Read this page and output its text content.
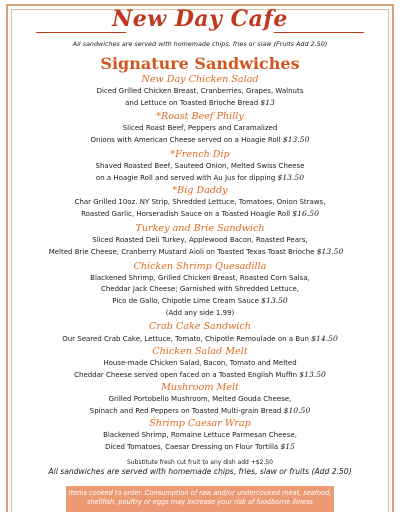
New Day Cafe
All sandwiches are served with homemade chips, fries or slaw (Fruits Add 2.50)
Signature Sandwiches
New Day Chicken Salad
Diced Grilled Chicken Breast, Cranberries, Grapes, Walnuts
and Lettuce on Toasted Brioche Bread $13
*Roast Beef Philly
Sliced Roast Beef, Peppers and Caramalized
Onions with American Cheese served on a Hoagie Roll $13.50
*French Dip
Shaved Roasted Beef, Sauteed Onion, Melted Swiss Cheese
on a Hoagie Roll and served with Au Jus for dipping $13.50
*Big Daddy
Char Grilled 10oz. NY Strip, Shredded Lettuce, Tomatoes, Onion Straws,
Roasted Garlic, Horseradish Sauce on a Toasted Hoagie Roll $16.50
Turkey and Brie Sandwich
Sliced Roasted Deli Turkey, Applewood Bacon, Roasted Pears,
Melted Brie Cheese, Cranberry Mustard Aioli on Toasted Texas Toast Brioche $13.50
Chicken Shrimp Quesadilla
Blackened Shrimp, Grilled Chicken Breast, Roasted Corn Salsa,
Cheddar Jack Cheese; Garnished with Shredded Lettuce,
Pico de Gallo, Chipotle Lime Cream Sauce $13.50
(Add any side 1.99)
Crab Cake Sandwich
Our Seared Crab Cake, Lettuce, Tomato, Chipotle Remoulade on a Bun $14.50
Chicken Salad Melt
House-made Chicken Salad, Bacon, Tomato and Melted
Cheddar Cheese served open faced on a Toasted English Muffin $13.50
Mushroom Melt
Grilled Portobello Mushroom, Melted Gouda Cheese,
Spinach and Red Peppers on Toasted Multi-grain Bread $10.50
Shrimp Caesar Wrap
Blackened Shrimp, Romaine Lettuce Parmesan Cheese,
Diced Tomatoes, Caesar Dressing on Flour Tortilla $15
Substitute fresh cut fruit to any dish add +$2.50
All sandwiches are served with homemade chips, fries, slaw or fruits (Add 2.50)
Items cooked to order. Consumption of raw and/or undercooked meat, seafood, shellfish, poultry or eggs may increase your risk of foodborne illness
